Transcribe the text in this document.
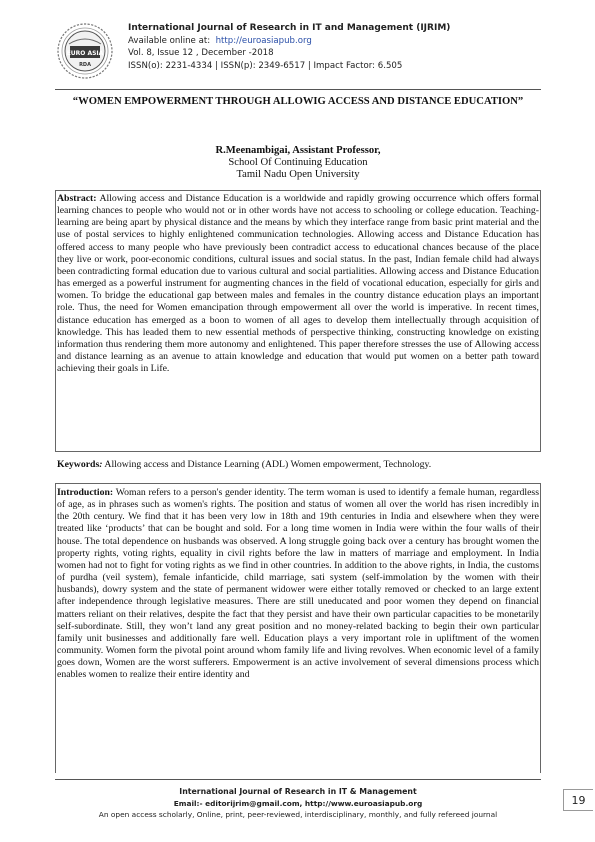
EURO ASIA
RDA
International Journal of Research in IT and Management (IJRIM)
Available online at: http://euroasiapub.org
Vol. 8, Issue 12 , December -2018
ISSN(o): 2231-4334 | ISSN(p): 2349-6517 | Impact Factor: 6.505
“WOMEN EMPOWERMENT THROUGH ALLOWIG ACCESS AND DISTANCE EDUCATION”
R.Meenambigai, Assistant Professor,
School Of Continuing Education
Tamil Nadu Open University
Abstract: Allowing access and Distance Education is a worldwide and rapidly growing occurrence which offers formal learning chances to people who would not or in other words have not access to schooling or college education. Teaching- learning are being apart by physical distance and the means by which they interface range from basic print material and the use of postal services to highly enlightened communication technologies. Allowing access and Distance Education has offered access to many people who have previously been contradict access to educational chances because of the place they live or work, poor-economic conditions, cultural issues and social status. In the past, Indian female child had always been contradicting formal education due to various cultural and social partialities. Allowing access and Distance Education has emerged as a powerful instrument for augmenting chances in the field of vocational education, especially for girls and women. To bridge the educational gap between males and females in the country distance education plays an important role. Thus, the need for Women emancipation through empowerment all over the world is imperative. In recent times, distance education has emerged as a boon to women of all ages to develop them intellectually through acquisition of knowledge. This has leaded them to new essential methods of perspective thinking, constructing knowledge on existing information thus rendering them more autonomy and enlightened. This paper therefore stresses the use of Allowing access and distance learning as an avenue to attain knowledge and education that would put women on a better path toward achieving their goals in Life.
Keywords: Allowing access and Distance Learning (ADL) Women empowerment, Technology.
Introduction: Woman refers to a person's gender identity. The term woman is used to identify a female human, regardless of age, as in phrases such as women's rights. The position and status of women all over the world has risen incredibly in the 20th century. We find that it has been very low in 18th and 19th centuries in India and elsewhere when they were treated like ‘products’ that can be bought and sold. For a long time women in India were within the four walls of their house. The total dependence on husbands was observed. A long struggle going back over a century has brought women the property rights, voting rights, equality in civil rights before the law in matters of marriage and employment. In India women had not to fight for voting rights as we find in other countries. In addition to the above rights, in India, the customs of purdha (veil system), female infanticide, child marriage, sati system (self-immolation by the women with their husbands), dowry system and the state of permanent widower were either totally removed or checked to an large extent after independence through legislative measures. There are still uneducated and poor women they depend on financial matters reliant on their relatives, despite the fact that they persist and have their own particular capacities to be monetarily self-subordinate. Still, they won’t land any great position and no money-related backing to begin their own particular family unit businesses and additionally fare well. Education plays a very important role in upliftment of the women community. Women form the pivotal point around whom family life and living revolves. When economic level of a family goes down, Women are the worst sufferers. Empowerment is an active involvement of several dimensions process which enables women to realize their entire identity and
International Journal of Research in IT & Management
Email:- editorijrim@gmail.com, http://www.euroasiapub.org
An open access scholarly, Online, print, peer-reviewed, interdisciplinary, monthly, and fully refereed journal
19
